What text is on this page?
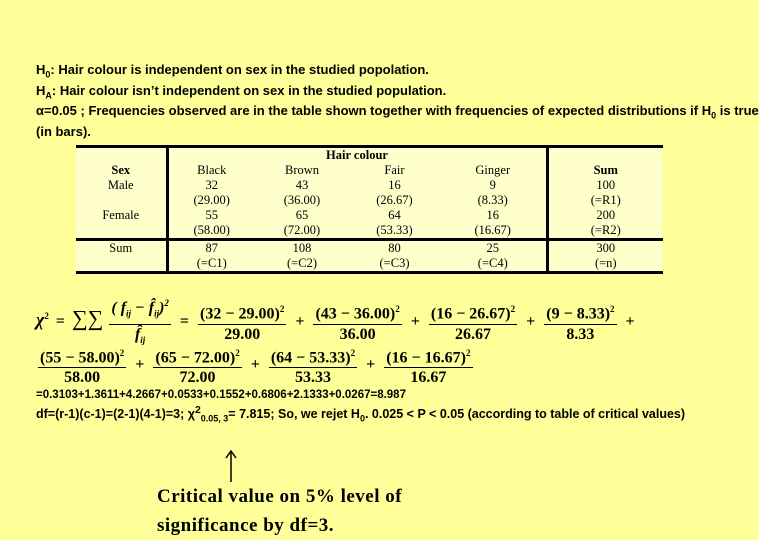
$H_0$: Hair colour is independent on sex in the studied popolation.
$H_A$: Hair colour isn’t independent on sex in the studied population.
α=0.05 ; Frequencies observed are in the table shown together with frequencies of expected distributions if $H_0$ is true
(in bars).
	Hair colour				
Sex	Black	Brown	Fair	Ginger	Sum
Male	32	43	16	9	100
	(29.00)	(36.00)	(26.67)	(8.33)	(=R1)
Female	55	65	64	16	200
	(58.00)	(72.00)	(53.33)	(16.67)	(=R2)
Sum	87	108	80	25	300
	(=C1)	(=C2)	(=C3)	(=C4)	(=n)
$\chi^2$ = ∑∑ $\frac{( f_{ij} - f̂_{ij})^2}{f̂_{ij}} = \frac{(32 - 29.00)^2}{29.00} + \frac{(43 - 36.00)^2}{36.00} + \frac{(16 - 26.67)^2}{26.67} + \frac{(9 - 8.33)^2}{8.33}$ +
$\frac{(55 - 58.00)^2}{58.00} + \frac{(65 - 72.00)^2}{72.00} + \frac{(64 - 53.33)^2}{53.33} + \frac{(16 - 16.67)^2}{16.67}$
=0.3103+1.3611+4.2667+0.0533+0.1552+0.6806+2.1333+0.0267=8.987
df=(r-1)(c-1)=(2-1)(4-1)=3; $\chi^2_{0.05, 3}= 7.815$; So, we rejet $H_0$. 0.025 < P < 0.05 (according to table of critical values)
Critical value on 5% level of
significance by df=3.
